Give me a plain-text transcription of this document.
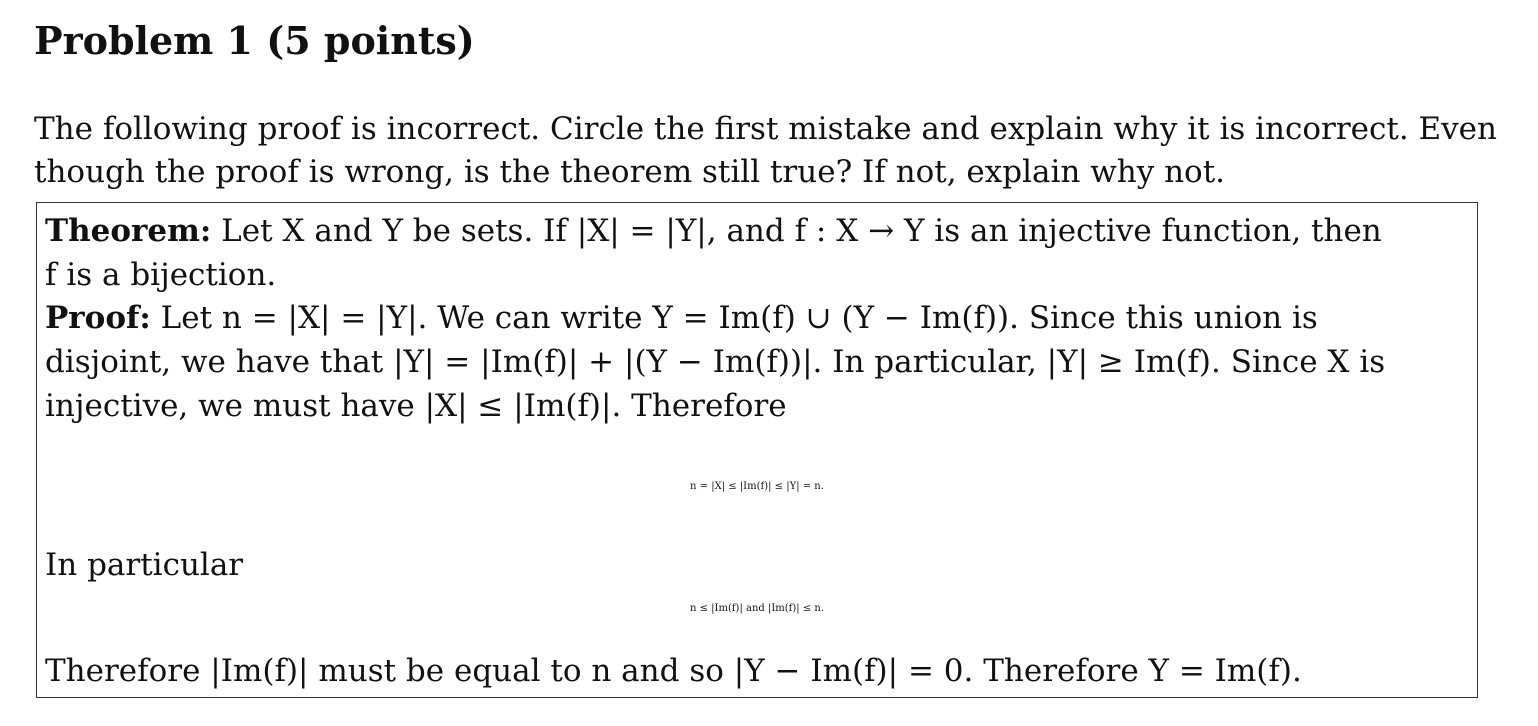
Problem 1 (5 points)
The following proof is incorrect. Circle the first mistake and explain why it is incorrect. Even
though the proof is wrong, is the theorem still true? If not, explain why not.
Theorem: Let X and Y be sets. If |X| = |Y|, and f : X → Y is an injective function, then
f is a bijection.
Proof: Let n = |X| = |Y|. We can write Y = Im(f) ∪ (Y − Im(f)). Since this union is
disjoint, we have that |Y| = |Im(f)| + |(Y − Im(f))|. In particular, |Y| ≥ Im(f). Since X is
injective, we must have |X| ≤ |Im(f)|. Therefore
n = |X| ≤ |Im(f)| ≤ |Y| = n.
In particular
n ≤ |Im(f)| and |Im(f)| ≤ n.
Therefore |Im(f)| must be equal to n and so |Y − Im(f)| = 0. Therefore Y = Im(f).
